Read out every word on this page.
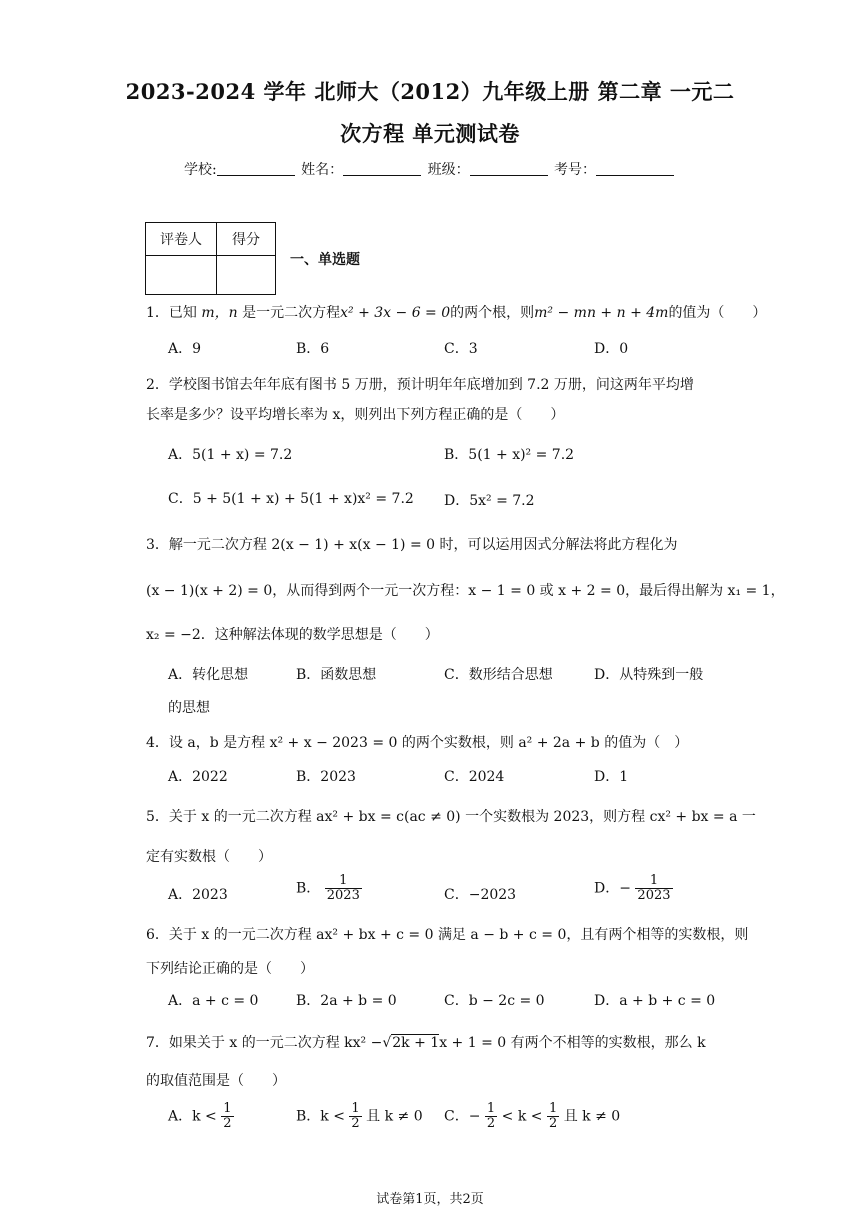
2023-2024 学年 北师大（2012）九年级上册 第二章 一元二
次方程 单元测试卷
学校:	姓名：	班级：	考号：
评卷人	得分

一、单选题
1．已知 m，n 是一元二次方程x² + 3x − 6 = 0的两个根，则m² − mn + n + 4m的值为（　　）
A．9	B．6	C．3	D．0
2．学校图书馆去年年底有图书 5 万册，预计明年年底增加到 7.2 万册，问这两年平均增
长率是多少？设平均增长率为 x，则列出下列方程正确的是（　　）
A．5(1 + x) = 7.2	B．5(1 + x)² = 7.2
C．5 + 5(1 + x) + 5(1 + x)x² = 7.2 D．5x² = 7.2
3．解一元二次方程 2(x − 1) + x(x − 1) = 0 时，可以运用因式分解法将此方程化为
(x − 1)(x + 2) = 0，从而得到两个一元一次方程：x − 1 = 0 或 x + 2 = 0，最后得出解为 x₁ = 1，
x₂ = −2．这种解法体现的数学思想是（　　）
A．转化思想	B．函数思想	C．数形结合思想	D．从特殊到一般
的思想
4．设 a，b 是方程 x² + x − 2023 = 0 的两个实数根，则 a² + 2a + b 的值为（　）
A．2022	B．2023	C．2024	D．1
5．关于 x 的一元二次方程 ax² + bx = c(ac ≠ 0) 一个实数根为 2023，则方程 cx² + bx = a 一
定有实数根（　　）
A．2023	B． $\frac{1}{2023}$	C．−2023	D．− $\frac{1}{2023}$
6．关于 x 的一元二次方程 ax² + bx + c = 0 满足 a − b + c = 0，且有两个相等的实数根，则
下列结论正确的是（　　）
A．a + c = 0	B．2a + b = 0	C．b − 2c = 0	D．a + b + c = 0
7．如果关于 x 的一元二次方程 kx² −√2k + 1x + 1 = 0 有两个不相等的实数根，那么 k
的取值范围是（　　）
A．$k < \frac{1}{2}$	B．$k < \frac{1}{2}$ 且 k ≠ 0 C．− $\frac{1}{2} < k < \frac{1}{2}$ 且 k ≠ 0
试卷第1页，共2页
